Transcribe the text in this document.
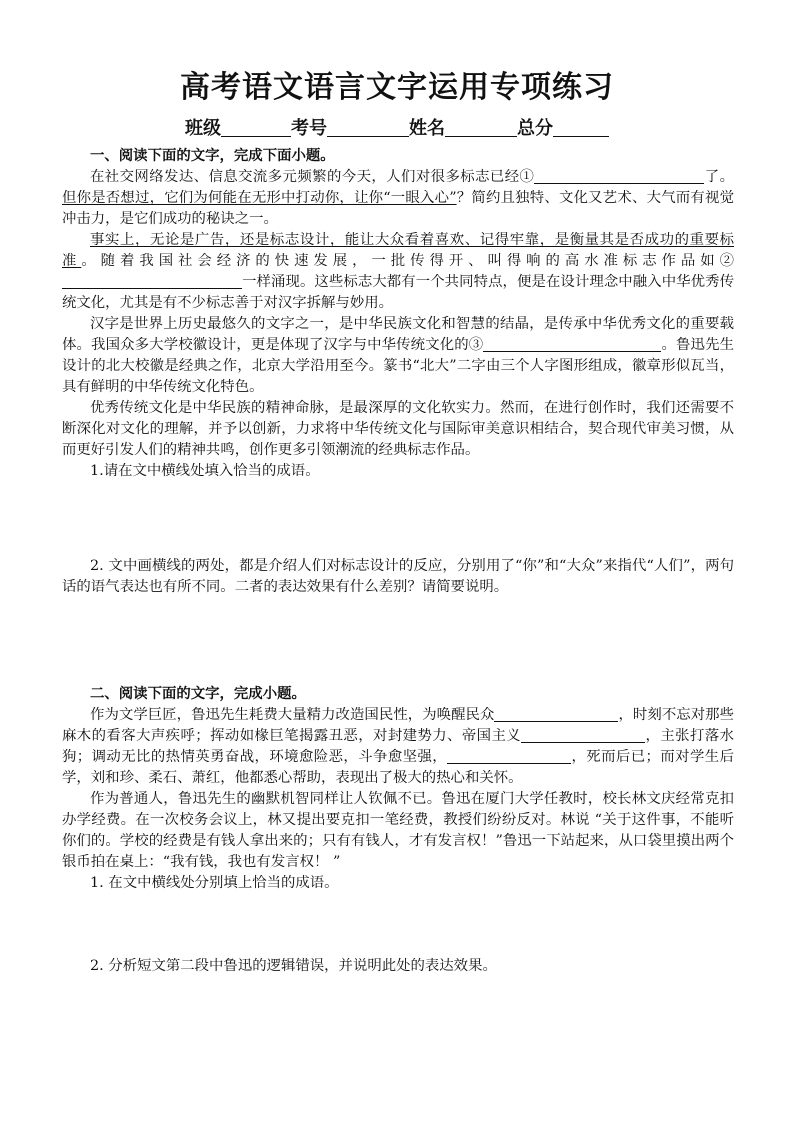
高考语文语言文字运用专项练习
班级	考号	姓名	总分
一、阅读下面的文字，完成下面小题。

在社交网络发达、信息交流多元频繁的今天，人们对很多标志已经①	了。但你是否想过，它们为何能在无形中打动你，让你“一眼入心”？简约且独特、文化又艺术、大气而有视觉冲击力，是它们成功的秘诀之一。

事实上，无论是广告，还是标志设计，能让大众看着喜欢、记得牢靠，是衡量其是否成功的重要标准。随着我国社会经济的快速发展，一批传得开、叫得响的高水准标志作品如②一样涌现。这些标志大都有一个共同特点，便是在设计理念中融入中华优秀传统文化，尤其是有不少标志善于对汉字拆解与妙用。

汉字是世界上历史最悠久的文字之一，是中华民族文化和智慧的结晶，是传承中华优秀文化的重要载体。我国众多大学校徽设计，更是体现了汉字与中华传统文化的③	。鲁迅先生设计的北大校徽是经典之作，北京大学沿用至今。篆书“北大”二字由三个人字图形组成，徽章形似瓦当，具有鲜明的中华传统文化特色。

优秀传统文化是中华民族的精神命脉，是最深厚的文化软实力。然而，在进行创作时，我们还需要不断深化对文化的理解，并予以创新，力求将中华传统文化与国际审美意识相结合，契合现代审美习惯，从而更好引发人们的精神共鸣，创作更多引领潮流的经典标志作品。

1.请在文中横线处填入恰当的成语。

2. 文中画横线的两处，都是介绍人们对标志设计的反应，分别用了“你”和“大众”来指代“人们”，两句话的语气表达也有所不同。二者的表达效果有什么差别？请简要说明。

二、阅读下面的文字，完成小题。

作为文学巨匠，鲁迅先生耗费大量精力改造国民性，为唤醒民众	，时刻不忘对那些麻木的看客大声疾呼；挥动如椽巨笔揭露丑恶，对封建势力、帝国主义	，主张打落水狗；调动无比的热情英勇奋战，环境愈险恶，斗争愈坚强，	，死而后已；而对学生后学，刘和珍、柔石、萧红，他都悉心帮助，表现出了极大的热心和关怀。

作为普通人，鲁迅先生的幽默机智同样让人钦佩不已。鲁迅在厦门大学任教时，校长林文庆经常克扣办学经费。在一次校务会议上，林又提出要克扣一笔经费，教授们纷纷反对。林说 “关于这件事，不能听你们的。学校的经费是有钱人拿出来的；只有有钱人，才有发言权！”鲁迅一下站起来，从口袋里摸出两个银币拍在桌上：“我有钱，我也有发言权！ ”

1. 在文中横线处分别填上恰当的成语。

2. 分析短文第二段中鲁迅的逻辑错误，并说明此处的表达效果。
